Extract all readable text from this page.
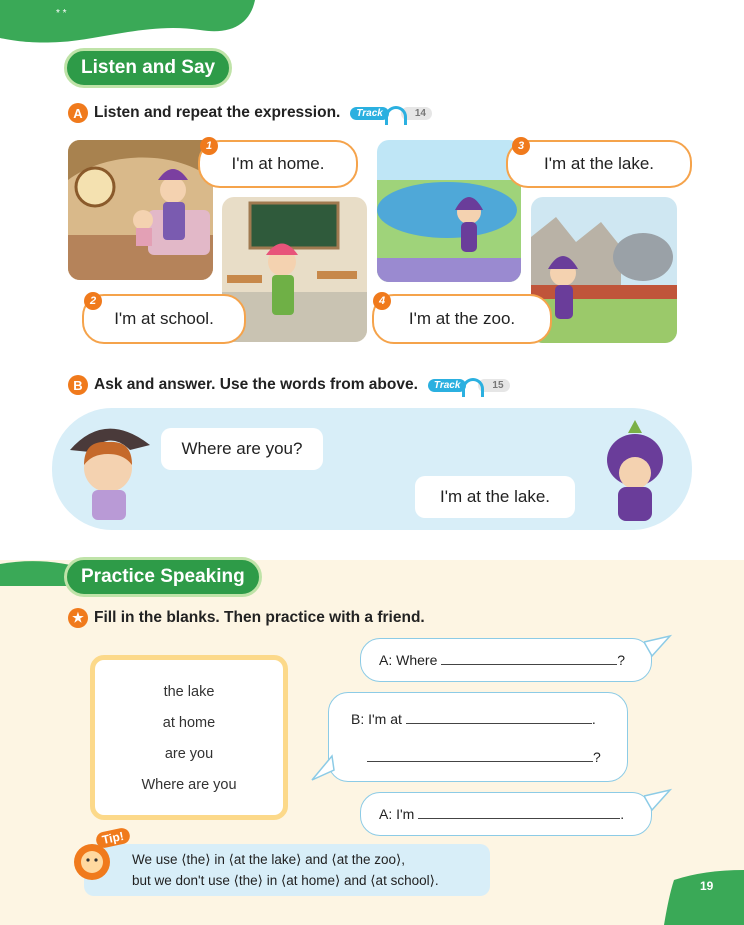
* *
Listen and Say
A Listen and repeat the expression.	Track	14
I'm at home.
1
I'm at school.
2
I'm at the lake.
3
I'm at the zoo.
4
B Ask and answer. Use the words from above.	Track	15
Where are you?
I'm at the lake.
Practice Speaking
★ Fill in the blanks. Then practice with a friend.
the lake
at home
are you
Where are you
A: Where	?
B: I'm at	.
?
A: I'm	.
We use ⟨the⟩ in ⟨at the lake⟩ and ⟨at the zoo⟩,
but we don't use ⟨the⟩ in ⟨at home⟩ and ⟨at school⟩.
Tip!
19
